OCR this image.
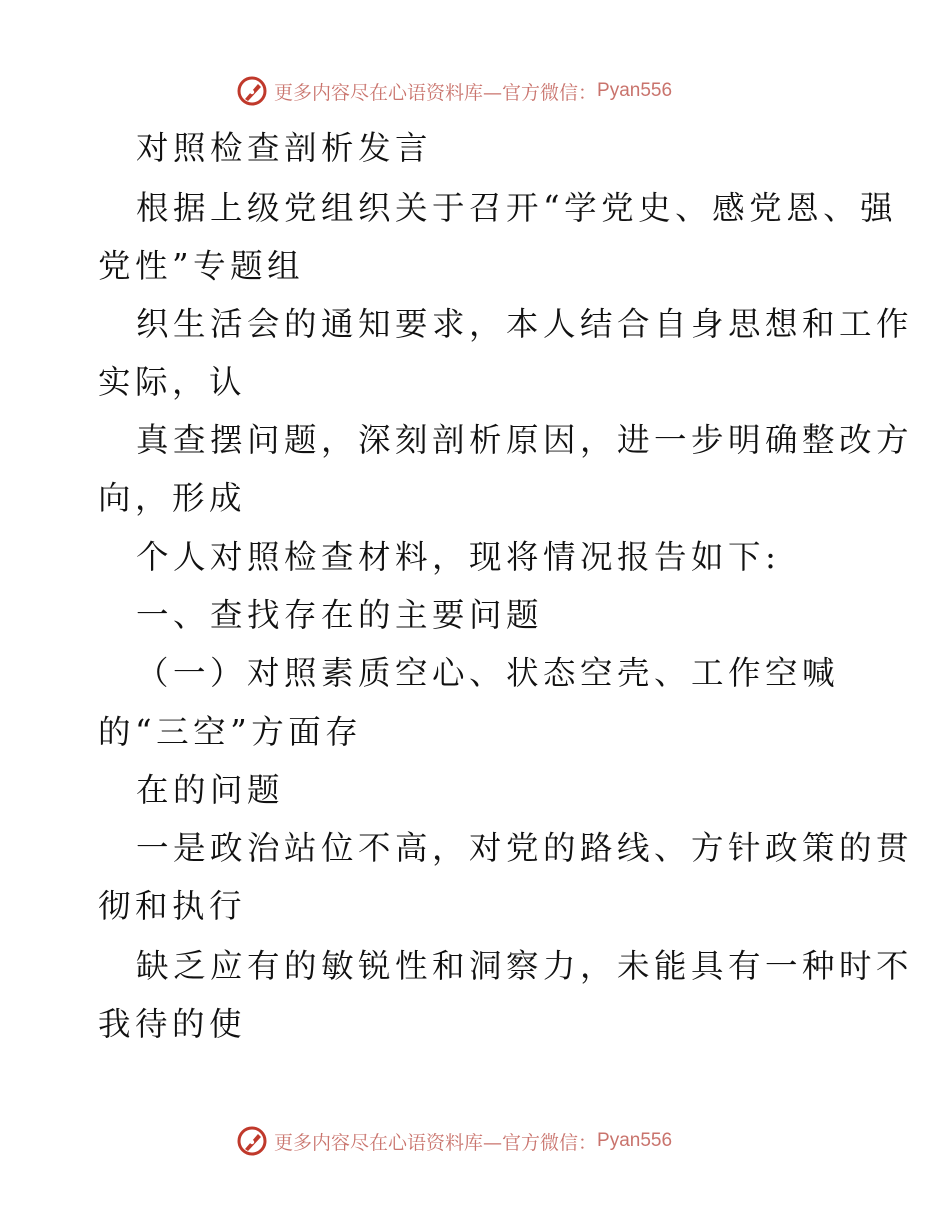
更多内容尽在心语资料库—官方微信： Pyan556
对照检查剖析发言
根据上级党组织关于召开“学党史、感党恩、强
党性”专题组
织生活会的通知要求，本人结合自身思想和工作
实际，认
真查摆问题，深刻剖析原因，进一步明确整改方
向，形成
个人对照检查材料，现将情况报告如下:
一、查找存在的主要问题
（一）对照素质空心、状态空壳、工作空喊
的“三空”方面存
在的问题
一是政治站位不高，对党的路线、方针政策的贯
彻和执行
缺乏应有的敏锐性和洞察力，未能具有一种时不
我待的使
更多内容尽在心语资料库—官方微信： Pyan556
